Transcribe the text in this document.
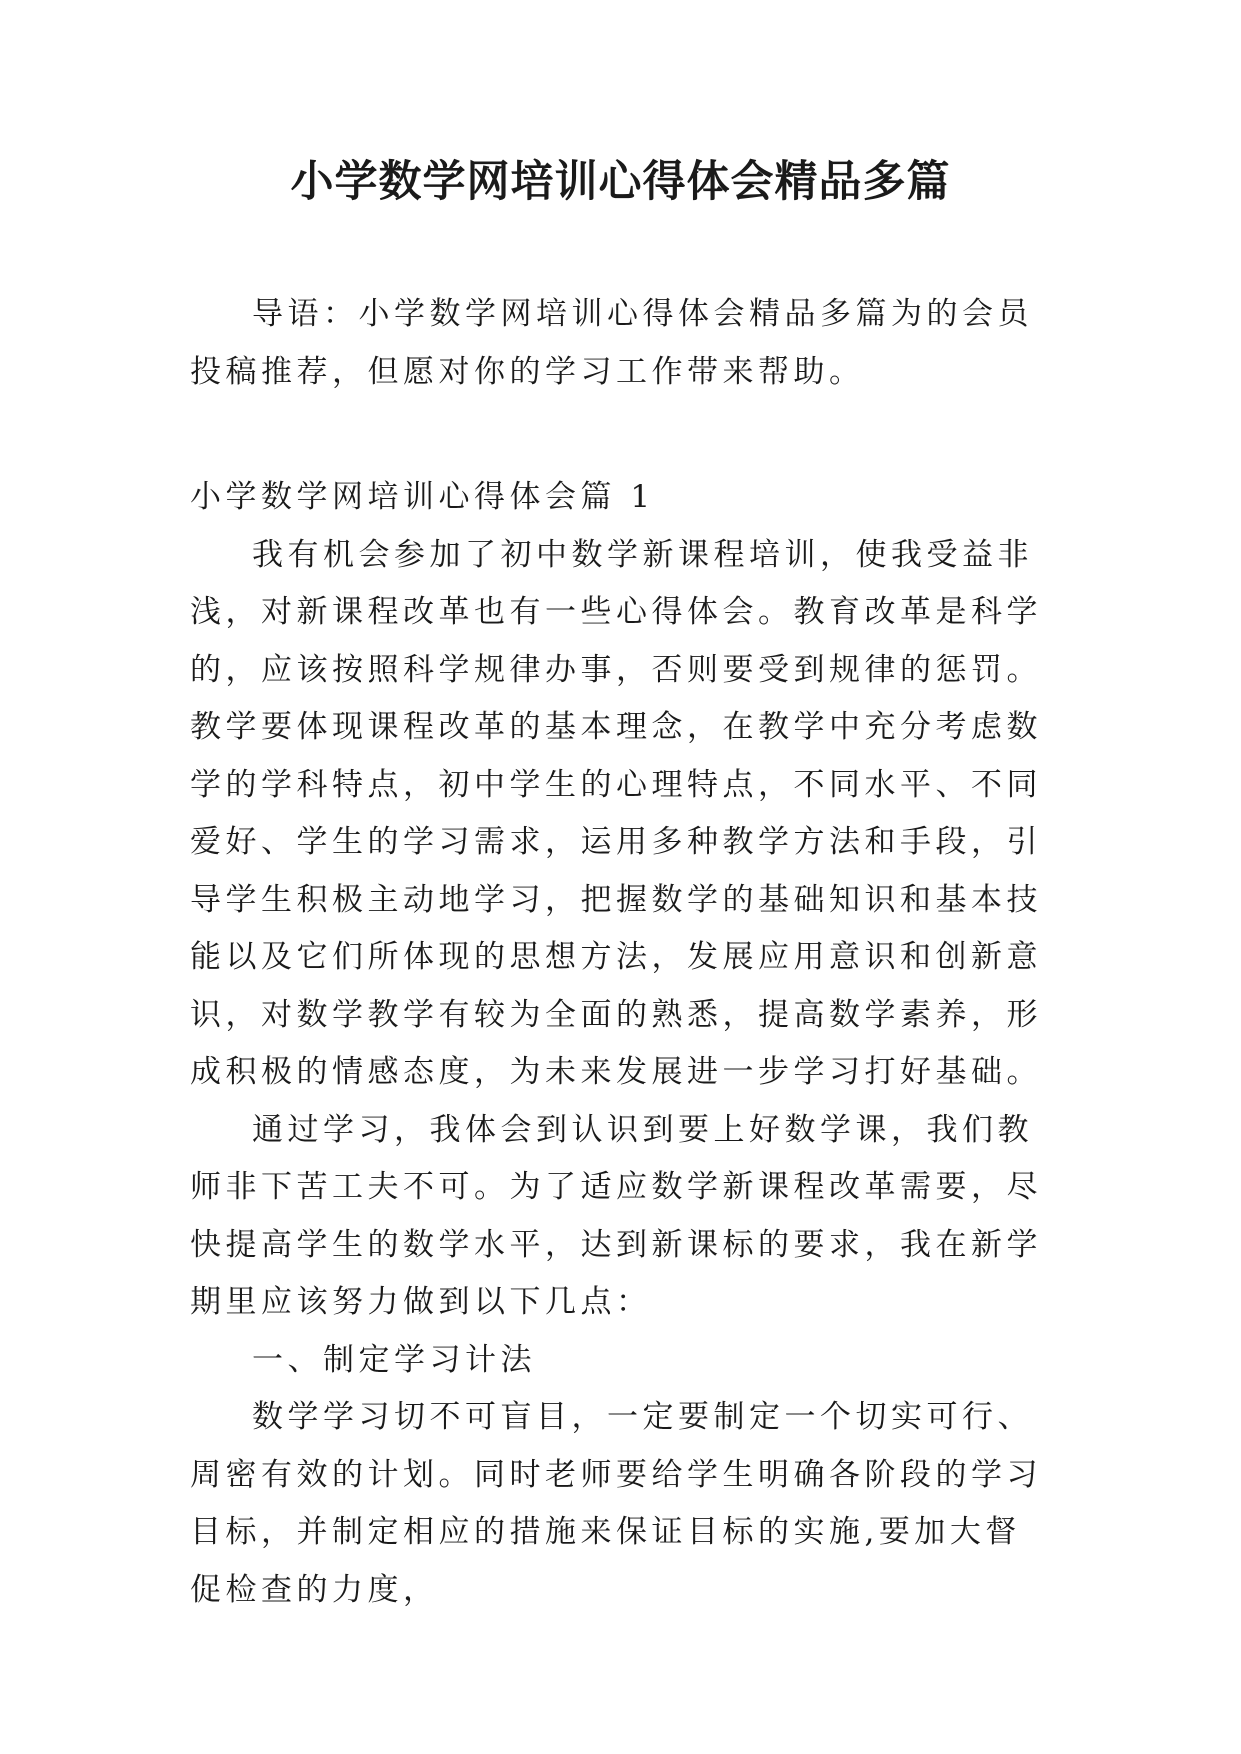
小学数学网培训心得体会精品多篇

导语：小学数学网培训心得体会精品多篇为的会员投稿推荐，但愿对你的学习工作带来帮助。

小学数学网培训心得体会篇 1

我有机会参加了初中数学新课程培训，使我受益非浅，对新课程改革也有一些心得体会。教育改革是科学的，应该按照科学规律办事，否则要受到规律的惩罚。教学要体现课程改革的基本理念，在教学中充分考虑数学的学科特点，初中学生的心理特点，不同水平、不同爱好、学生的学习需求，运用多种教学方法和手段，引导学生积极主动地学习，把握数学的基础知识和基本技能以及它们所体现的思想方法，发展应用意识和创新意识，对数学教学有较为全面的熟悉，提高数学素养，形成积极的情感态度，为未来发展进一步学习打好基础。

通过学习，我体会到认识到要上好数学课，我们教师非下苦工夫不可。为了适应数学新课程改革需要，尽快提高学生的数学水平，达到新课标的要求，我在新学期里应该努力做到以下几点：

一、制定学习计法

数学学习切不可盲目，一定要制定一个切实可行、周密有效的计划。同时老师要给学生明确各阶段的学习目标，并制定相应的措施来保证目标的实施,要加大督促检查的力度，
